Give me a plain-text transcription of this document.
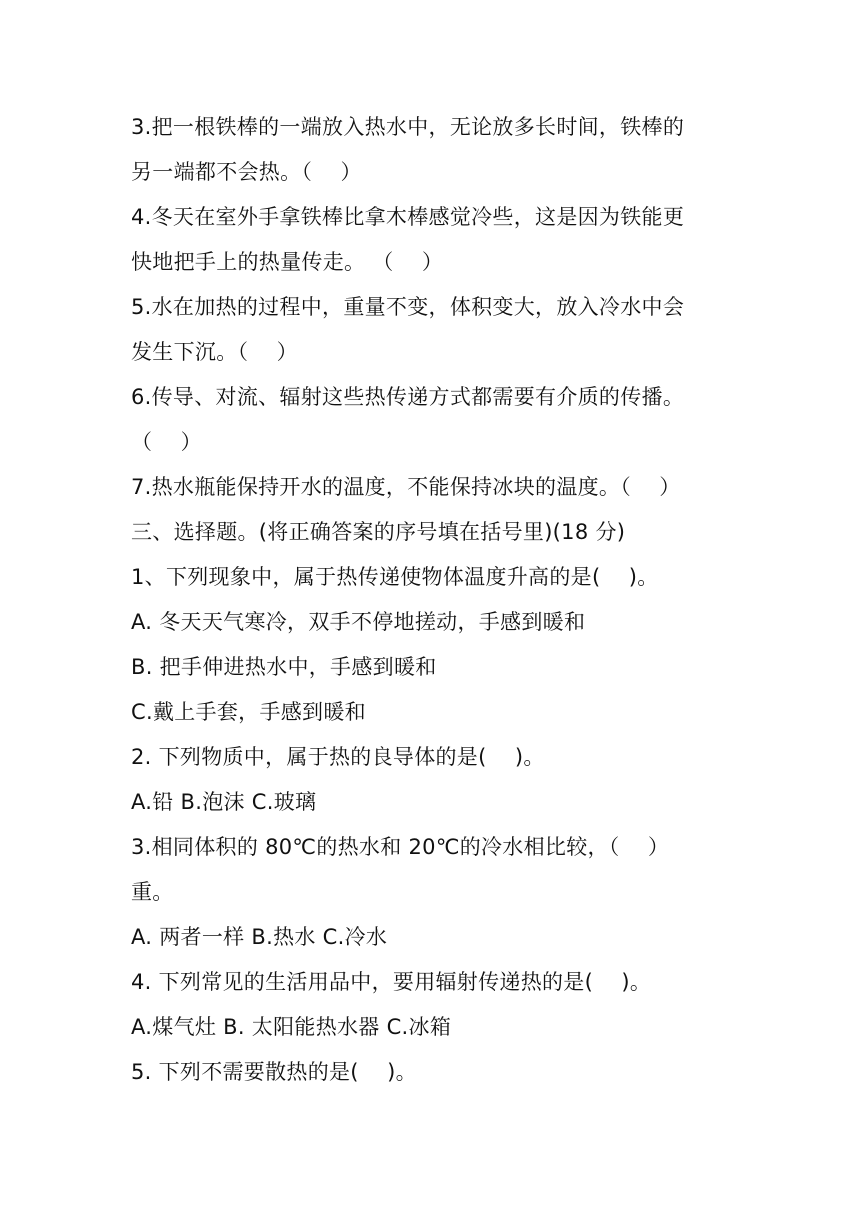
3.把一根铁棒的一端放入热水中，无论放多长时间，铁棒的
另一端都不会热。（　 ）
4.冬天在室外手拿铁棒比拿木棒感觉冷些，这是因为铁能更
快地把手上的热量传走。 （　 ）
5.水在加热的过程中，重量不变，体积变大，放入冷水中会
发生下沉。（　 ）
6.传导、对流、辐射这些热传递方式都需要有介质的传播。
（　 ）
7.热水瓶能保持开水的温度，不能保持冰块的温度。（　 ）
三、选择题。(将正确答案的序号填在括号里)(18 分)
1、下列现象中，属于热传递使物体温度升高的是(　 )。
A. 冬天天气寒冷，双手不停地搓动，手感到暖和
B. 把手伸进热水中，手感到暖和
C.戴上手套，手感到暖和
2. 下列物质中，属于热的良导体的是(　 )。
A.铅 B.泡沫 C.玻璃
3.相同体积的 80℃的热水和 20℃的冷水相比较，（　 ）
重。
A. 两者一样 B.热水 C.冷水
4. 下列常见的生活用品中，要用辐射传递热的是(　 )。
A.煤气灶 B. 太阳能热水器 C.冰箱
5. 下列不需要散热的是(　 )。
